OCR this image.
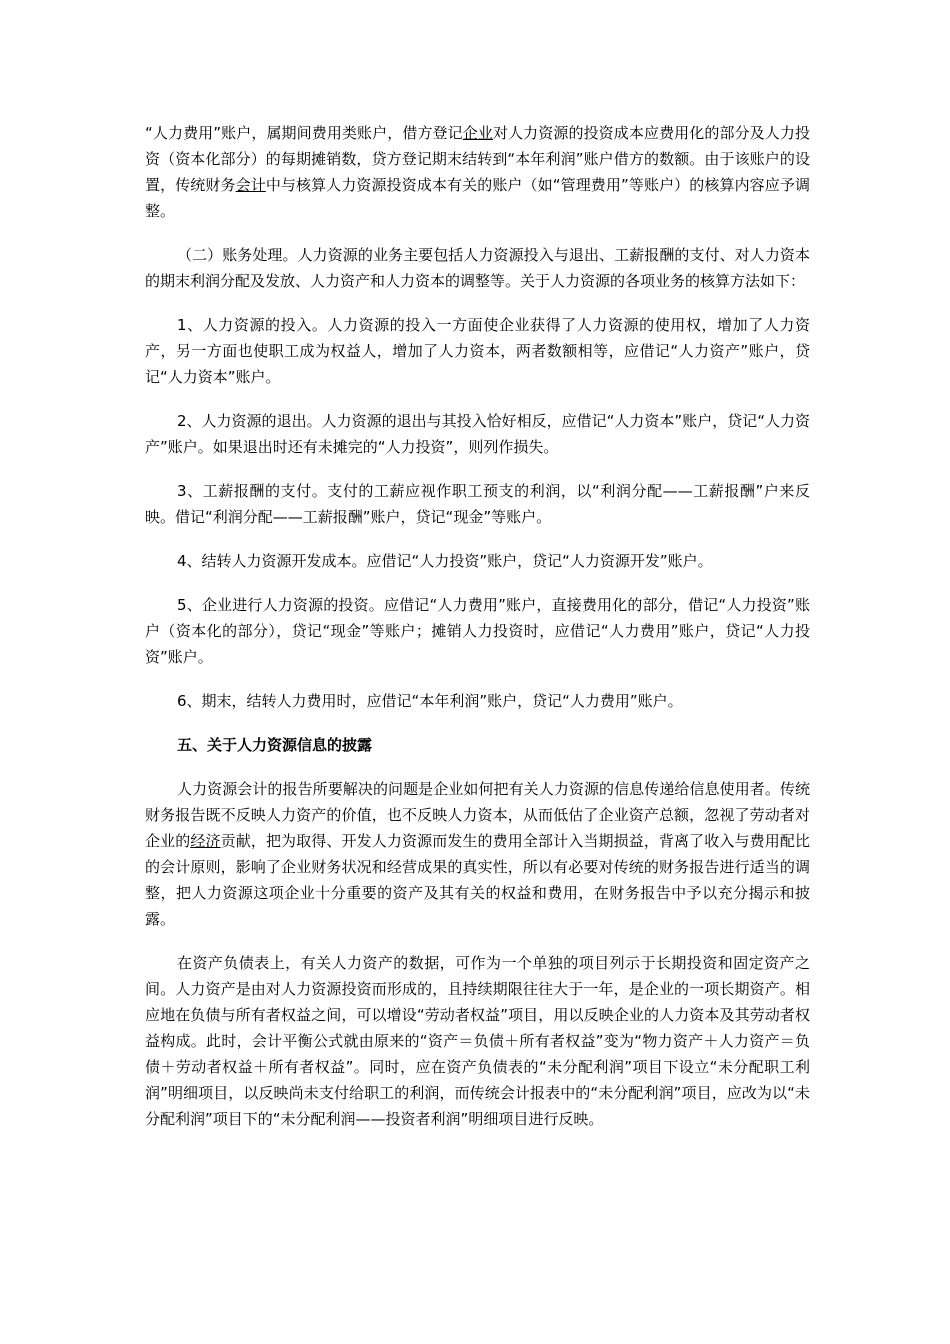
“人力费用”账户，属期间费用类账户，借方登记企业对人力资源的投资成本应费用化的部分及人力投资（资本化部分）的每期摊销数，贷方登记期末结转到“本年利润”账户借方的数额。由于该账户的设置，传统财务会计中与核算人力资源投资成本有关的账户（如“管理费用”等账户）的核算内容应予调整。

（二）账务处理。人力资源的业务主要包括人力资源投入与退出、工薪报酬的支付、对人力资本的期末利润分配及发放、人力资产和人力资本的调整等。关于人力资源的各项业务的核算方法如下：

1、人力资源的投入。人力资源的投入一方面使企业获得了人力资源的使用权，增加了人力资产，另一方面也使职工成为权益人，增加了人力资本，两者数额相等，应借记“人力资产”账户，贷记“人力资本”账户。

2、人力资源的退出。人力资源的退出与其投入恰好相反，应借记“人力资本”账户，贷记“人力资产”账户。如果退出时还有未摊完的“人力投资”，则列作损失。

3、工薪报酬的支付。支付的工薪应视作职工预支的利润，以“利润分配——工薪报酬”户来反映。借记“利润分配——工薪报酬”账户，贷记“现金”等账户。

4、结转人力资源开发成本。应借记“人力投资”账户，贷记“人力资源开发”账户。

5、企业进行人力资源的投资。应借记“人力费用”账户，直接费用化的部分，借记“人力投资”账户（资本化的部分），贷记“现金”等账户；摊销人力投资时，应借记“人力费用”账户，贷记“人力投资”账户。

6、期末，结转人力费用时，应借记“本年利润”账户，贷记“人力费用”账户。

五、关于人力资源信息的披露

人力资源会计的报告所要解决的问题是企业如何把有关人力资源的信息传递给信息使用者。传统财务报告既不反映人力资产的价值，也不反映人力资本，从而低估了企业资产总额，忽视了劳动者对企业的经济贡献，把为取得、开发人力资源而发生的费用全部计入当期损益，背离了收入与费用配比的会计原则，影响了企业财务状况和经营成果的真实性，所以有必要对传统的财务报告进行适当的调整，把人力资源这项企业十分重要的资产及其有关的权益和费用，在财务报告中予以充分揭示和披露。

在资产负债表上，有关人力资产的数据，可作为一个单独的项目列示于长期投资和固定资产之间。人力资产是由对人力资源投资而形成的，且持续期限往往大于一年，是企业的一项长期资产。相应地在负债与所有者权益之间，可以增设“劳动者权益”项目，用以反映企业的人力资本及其劳动者权益构成。此时，会计平衡公式就由原来的“资产＝负债＋所有者权益”变为“物力资产＋人力资产＝负债＋劳动者权益＋所有者权益”。同时，应在资产负债表的“未分配利润”项目下设立“未分配职工利润”明细项目，以反映尚未支付给职工的利润，而传统会计报表中的“未分配利润”项目，应改为以“未分配利润”项目下的“未分配利润——投资者利润”明细项目进行反映。
